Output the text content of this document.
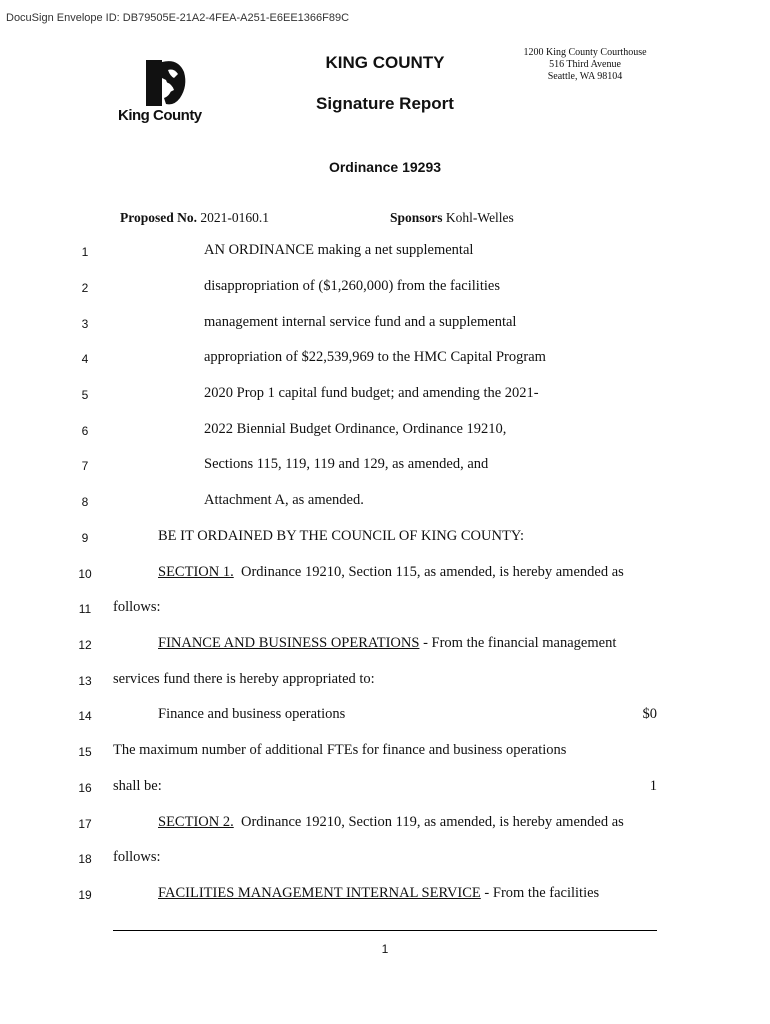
DocuSign Envelope ID: DB79505E-21A2-4FEA-A251-E6EE1366F89C
King County
KING COUNTY
Signature Report
1200 King County Courthouse
516 Third Avenue
Seattle, WA 98104
Ordinance 19293
Proposed No. 2021-0160.1	Sponsors Kohl-Welles
1	AN ORDINANCE making a net supplemental
2	disappropriation of ($1,260,000) from the facilities
3	management internal service fund and a supplemental
4	appropriation of $22,539,969 to the HMC Capital Program
5	2020 Prop 1 capital fund budget; and amending the 2021-
6	2022 Biennial Budget Ordinance, Ordinance 19210,
7	Sections 115, 119, 119 and 129, as amended, and
8	Attachment A, as amended.
9	BE IT ORDAINED BY THE COUNCIL OF KING COUNTY:
10	SECTION 1.  Ordinance 19210, Section 115, as amended, is hereby amended as
11	follows:
12	FINANCE AND BUSINESS OPERATIONS - From the financial management
13	services fund there is hereby appropriated to:
14	Finance and business operations	$0
15	The maximum number of additional FTEs for finance and business operations
16	shall be:	1
17	SECTION 2.  Ordinance 19210, Section 119, as amended, is hereby amended as
18	follows:
19	FACILITIES MANAGEMENT INTERNAL SERVICE - From the facilities
1
